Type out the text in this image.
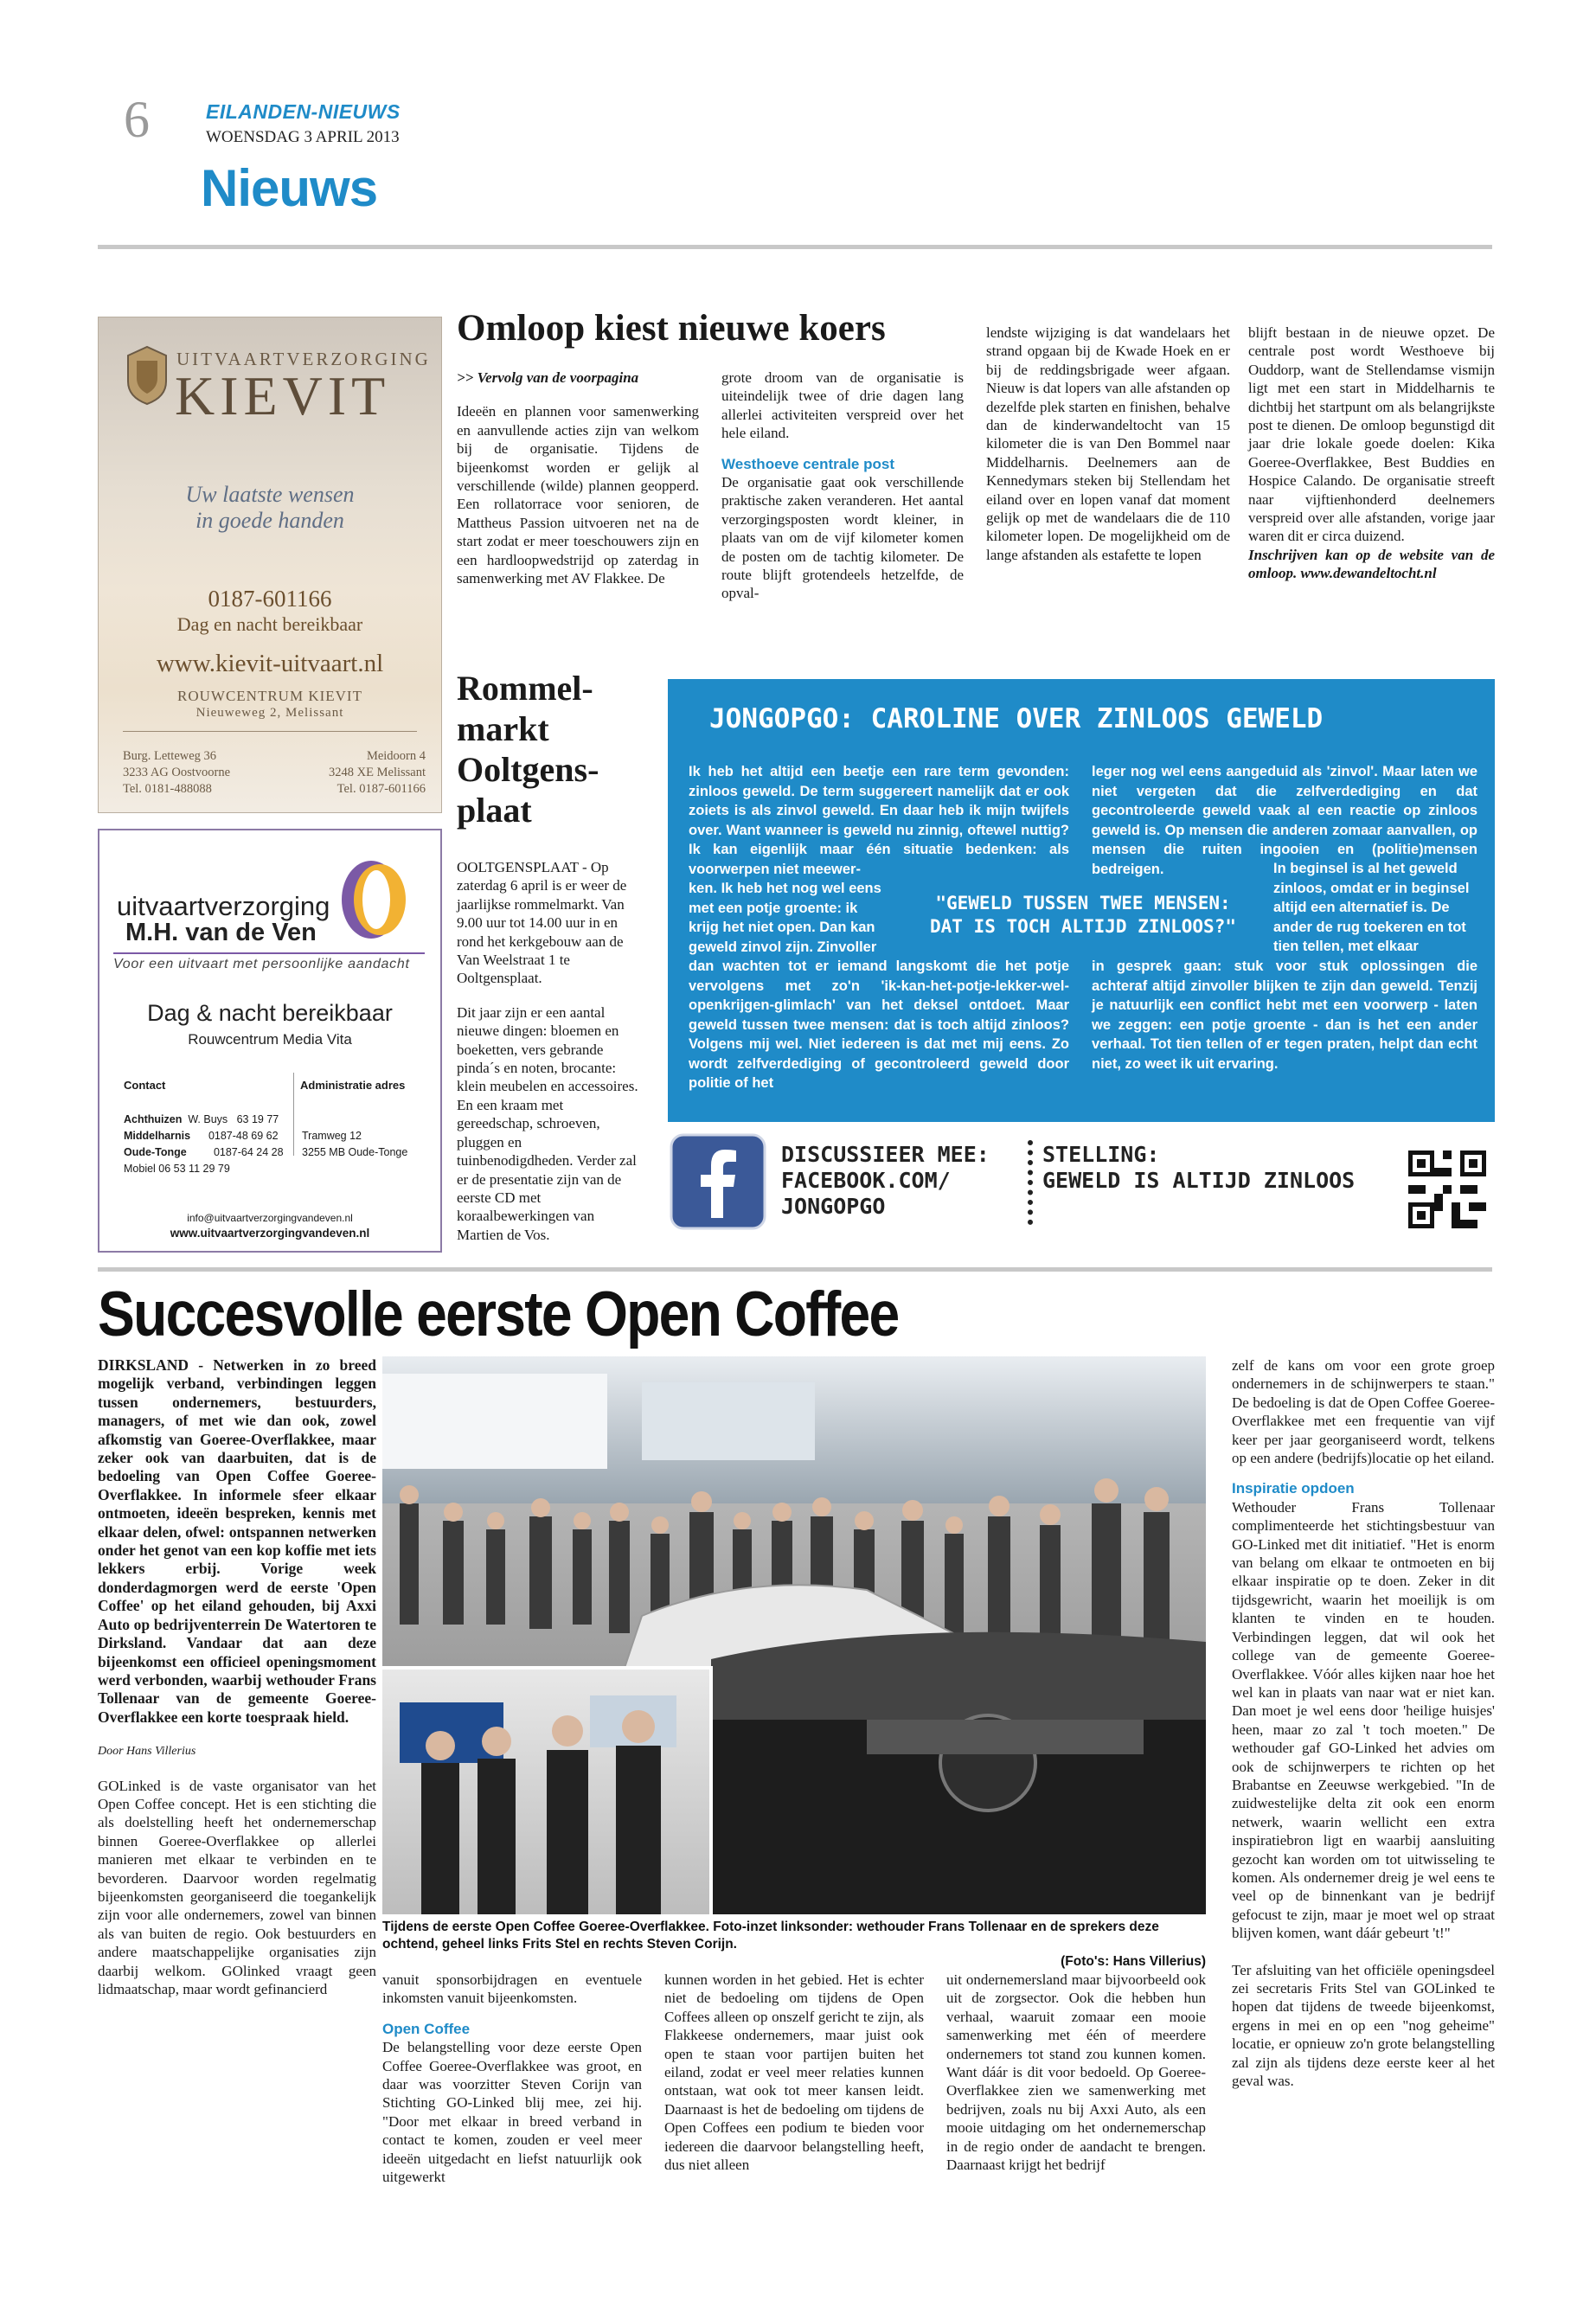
6	EILANDEN-NIEUWS
WOENSDAG 3 APRIL 2013
Nieuws
UITVAARTVERZORGING
KIEVIT
Uw laatste wensen
in goede handen
0187-601166
Dag en nacht bereikbaar
www.kievit-uitvaart.nl
ROUWCENTRUM KIEVIT
Nieuweweg 2, Melissant
Burg. Letteweg 36
3233 AG Oostvoorne
Tel. 0181-488088
Meidoorn 4
3248 XE Melissant
Tel. 0187-601166
uitvaartverzorging
M.H. van de Ven
Voor een uitvaart met persoonlijke aandacht
Dag & nacht bereikbaar
Rouwcentrum Media Vita
Contact	Administratie adres
Achthuizen W. Buys 63 19 77
Middelharnis 0187-48 69 62
Oude-Tonge	0187-64 24 28
Mobiel 06 53 11 29 79
Tramweg 12
3255 MB Oude-Tonge
info@uitvaartverzorgingvandeven.nl
www.uitvaartverzorgingvandeven.nl
Omloop kiest nieuwe koers

>> Vervolg van de voorpagina

Ideeën en plannen voor samenwerking en aanvullende acties zijn van welkom bij de organisatie. Tijdens de bijeenkomst worden er gelijk al verschillende (wilde) plannen geopperd. Een rollatorrace voor senioren, de Mattheus Passion uitvoeren net na de start zodat er meer toeschouwers zijn en een hardloopwedstrijd op zaterdag in samenwerking met AV Flakkee. De

grote droom van de organisatie is uiteindelijk twee of drie dagen lang allerlei activiteiten verspreid over het hele eiland.

Westhoeve centrale post

De organisatie gaat ook verschillende praktische zaken veranderen. Het aantal verzorgingsposten wordt kleiner, in plaats van om de vijf kilometer komen de posten om de tachtig kilometer. De route blijft grotendeels hetzelfde, de opval-

lendste wijziging is dat wandelaars het strand opgaan bij de Kwade Hoek en er bij de reddingsbrigade weer afgaan. Nieuw is dat lopers van alle afstanden op dezelfde plek starten en finishen, behalve dan de kinderwandeltocht van 15 kilometer die is van Den Bommel naar Middelharnis. Deelnemers aan de Kennedymars steken bij Stellendam het eiland over en lopen vanaf dat moment gelijk op met de wandelaars die de 110 kilometer lopen. De mogelijkheid om de lange afstanden als estafette te lopen

blijft bestaan in de nieuwe opzet. De centrale post wordt Westhoeve bij Ouddorp, want de Stellendamse vismijn ligt met een start in Middelharnis te dichtbij het startpunt om als belangrijkste post te dienen. De omloop begunstigd dit jaar drie lokale goede doelen: Kika Goeree-Overflakkee, Best Buddies en Hospice Calando. De organisatie streeft naar vijftienhonderd deelnemers verspreid over alle afstanden, vorige jaar waren dit er circa duizend.

Inschrijven kan op de website van de omloop. www.dewandeltocht.nl

Rommel-
markt
Ooltgens-
plaat

OOLTGENSPLAAT - Op zaterdag 6 april is er weer de jaarlijkse rommelmarkt. Van 9.00 uur tot 14.00 uur in en rond het kerkgebouw aan de Van Weelstraat 1 te Ooltgensplaat.

Dit jaar zijn er een aantal nieuwe dingen: bloemen en boeketten, vers gebrande pinda´s en noten, brocante: klein meubelen en accessoires. En een kraam met gereedschap, schroeven, pluggen en tuinbenodigdheden. Verder zal er de presentatie zijn van de eerste CD met koraalbewerkingen van Martien de Vos.

JONGOPGO: CAROLINE OVER ZINLOOS GEWELD
Ik heb het altijd een beetje een rare term gevonden: zinloos geweld. De term suggereert namelijk dat er ook zoiets is als zinvol geweld. En daar heb ik mijn twijfels over. Want wanneer is geweld nu zinnig, oftewel nuttig? Ik kan eigenlijk maar één situatie bedenken: als voorwerpen niet meewer-
ken. Ik heb het nog wel eens met een potje groente: ik krijg het niet open. Dan kan geweld zinvol zijn. Zinvoller
dan wachten tot er iemand langskomt die het potje vervolgens met zo'n 'ik-kan-het-potje-lekker-wel-openkrijgen-glimlach' van het deksel ontdoet. Maar geweld tussen twee mensen: dat is toch altijd zinloos? Volgens mij wel. Niet iedereen is dat met mij eens. Zo wordt zelfverdediging of gecontroleerd geweld door politie of het
leger nog wel eens aangeduid als 'zinvol'. Maar laten we niet vergeten dat die zelfverdediging en dat gecontroleerde geweld vaak al een reactie op zinloos geweld is. Op mensen die anderen zomaar aanvallen, op mensen die ruiten ingooien en (politie)mensen bedreigen.	In beginsel is al het geweld zinloos, omdat er in beginsel altijd een alternatief is. De ander de rug toekeren en tot tien tellen, met elkaar
in gesprek gaan: stuk voor stuk oplossingen die achteraf altijd zinvoller blijken te zijn dan geweld. Tenzij je natuurlijk een conflict hebt met een voorwerp - laten we zeggen: een potje groente - dan is het een ander verhaal. Tot tien tellen of er tegen praten, helpt dan echt niet, zo weet ik uit ervaring.
"GEWELD TUSSEN TWEE MENSEN:
DAT IS TOCH ALTIJD ZINLOOS?"
DISCUSSIEER MEE:
FACEBOOK.COM/
JONGOPGO
STELLING:
GEWELD IS ALTIJD ZINLOOS
Succesvolle eerste Open Coffee

DIRKSLAND - Netwerken in zo breed mogelijk verband, verbindingen leggen tussen ondernemers, bestuurders, managers, of met wie dan ook, zowel afkomstig van Goeree-Overflakkee, maar zeker ook van daarbuiten, dat is de bedoeling van Open Coffee Goeree-Overflakkee. In informele sfeer elkaar ontmoeten, ideeën bespreken, kennis met elkaar delen, ofwel: ontspannen netwerken onder het genot van een kop koffie met iets lekkers erbij. Vorige week donderdagmorgen werd de eerste 'Open Coffee' op het eiland gehouden, bij Axxi Auto op bedrijventerrein De Watertoren te Dirksland. Vandaar dat aan deze bijeenkomst een officieel openingsmoment werd verbonden, waarbij wethouder Frans Tollenaar van de gemeente Goeree-Overflakkee een korte toespraak hield.

Door Hans Villerius

GOLinked is de vaste organisator van het Open Coffee concept. Het is een stichting die als doelstelling heeft het ondernemerschap binnen Goeree-Overflakkee op allerlei manieren met elkaar te verbinden en te bevorderen. Daarvoor worden regelmatig bijeenkomsten georganiseerd die toegankelijk zijn voor alle ondernemers, zowel van binnen als van buiten de regio. Ook bestuurders en andere maatschappelijke organisaties zijn daarbij welkom. GOlinked vraagt geen lidmaatschap, maar wordt gefinancierd

Tijdens de eerste Open Coffee Goeree-Overflakkee. Foto-inzet linksonder: wethouder Frans Tollenaar en de sprekers deze ochtend, geheel links Frits Stel en rechts Steven Corijn.
(Foto's: Hans Villerius)

vanuit sponsorbijdragen en eventuele inkomsten vanuit bijeenkomsten.

Open Coffee

De belangstelling voor deze eerste Open Coffee Goeree-Overflakkee was groot, en daar was voorzitter Steven Corijn van Stichting GO-Linked blij mee, zei hij. "Door met elkaar in breed verband in contact te komen, zouden er veel meer ideeën uitgedacht en liefst natuurlijk ook uitgewerkt

kunnen worden in het gebied. Het is echter niet de bedoeling om tijdens de Open Coffees alleen op onszelf gericht te zijn, als Flakkeese ondernemers, maar juist ook open te staan voor partijen buiten het eiland, zodat er veel meer relaties kunnen ontstaan, wat ook tot meer kansen leidt. Daarnaast is het de bedoeling om tijdens de Open Coffees een podium te bieden voor iedereen die daarvoor belangstelling heeft, dus niet alleen

uit ondernemersland maar bijvoorbeeld ook uit de zorgsector. Ook die hebben hun verhaal, waaruit zomaar een mooie samenwerking met één of meerdere ondernemers tot stand zou kunnen komen. Want dáár is dit voor bedoeld. Op Goeree-Overflakkee zien we samenwerking met bedrijven, zoals nu bij Axxi Auto, als een mooie uitdaging om het ondernemerschap in de regio onder de aandacht te brengen. Daarnaast krijgt het bedrijf

zelf de kans om voor een grote groep ondernemers in de schijnwerpers te staan." De bedoeling is dat de Open Coffee Goeree-Overflakkee met een frequentie van vijf keer per jaar georganiseerd wordt, telkens op een andere (bedrijfs)locatie op het eiland.

Inspiratie opdoen

Wethouder Frans Tollenaar complimenteerde het stichtingsbestuur van GO-Linked met dit initiatief. "Het is enorm van belang om elkaar te ontmoeten en bij elkaar inspiratie op te doen. Zeker in dit tijdsgewricht, waarin het moeilijk is om klanten te vinden en te houden. Verbindingen leggen, dat wil ook het college van de gemeente Goeree-Overflakkee. Vóór alles kijken naar hoe het wel kan in plaats van naar wat er niet kan. Dan moet je wel eens door 'heilige huisjes' heen, maar zo zal 't toch moeten." De wethouder gaf GO-Linked het advies om ook de schijnwerpers te richten op het Brabantse en Zeeuwse werkgebied. "In de zuidwestelijke delta zit ook een enorm netwerk, waarin wellicht een extra inspiratiebron ligt en waarbij aansluiting gezocht kan worden om tot uitwisseling te komen. Als ondernemer dreig je wel eens te veel op de binnenkant van je bedrijf gefocust te zijn, maar je moet wel op straat blijven komen, want dáár gebeurt 't!"

Ter afsluiting van het officiële openingsdeel zei secretaris Frits Stel van GOLinked te hopen dat tijdens de tweede bijeenkomst, ergens in mei en op een "nog geheime" locatie, er opnieuw zo'n grote belangstelling zal zijn als tijdens deze eerste keer al het geval was.
